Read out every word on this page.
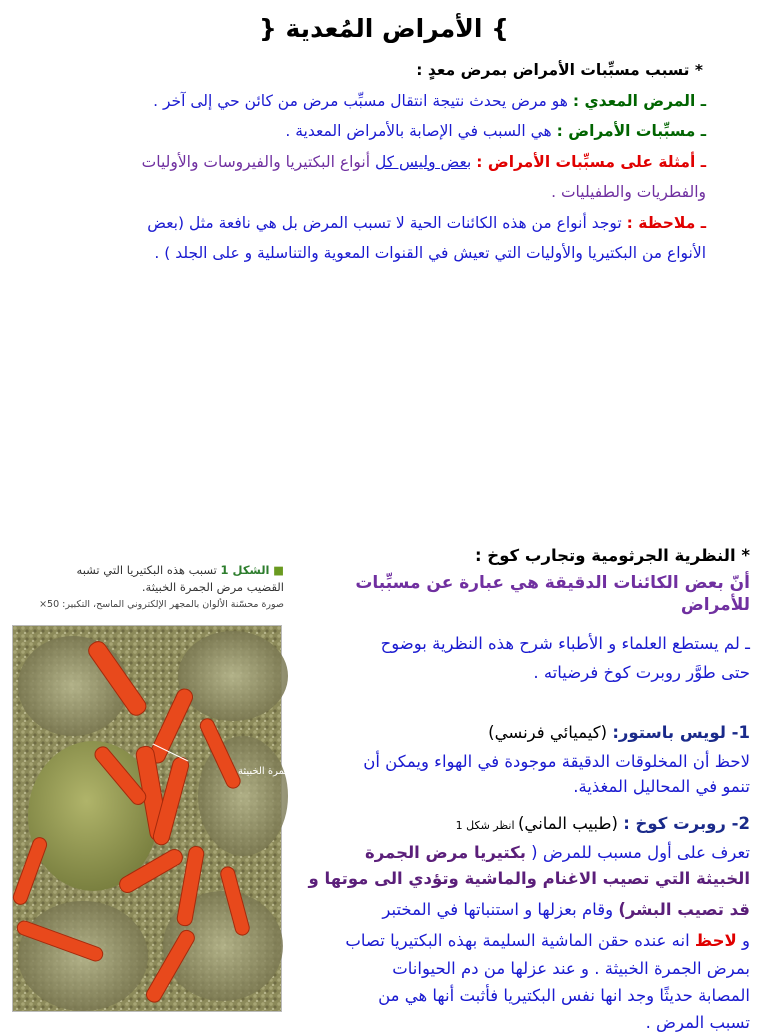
} الأمراض المُعدية {
* تسبب مسبِّبات الأمراض بمرض معدٍ :
ـ المرض المعدي : هو مرض يحدث نتيجة انتقال مسبِّب مرض من كائن حي إلى آخر .
ـ مسبِّبات الأمراض : هي السبب في الإصابة بالأمراض المعدية .
ـ أمثلة على مسبِّبات الأمراض : بعض وليس كل أنواع البكتيريا والفيروسات والأوليات
والفطريات والطفيليات .
ـ ملاحظة : توجد أنواع من هذه الكائنات الحية لا تسبب المرض بل هي نافعة مثل (بعض
الأنواع من البكتيريا والأوليات التي تعيش في القنوات المعوية والتناسلية و على الجلد ) .
* النظرية الجرثومية وتجارب كوخ :
أنّ بعض الكائنات الدقيقة هي عبارة عن مسبِّبات للأمراض
ـ لم يستطع العلماء و الأطباء شرح هذه النظرية بوضوح
حتى طوَّر روبرت كوخ فرضياته .
1- لويس باستور: (كيميائي فرنسي)
لاحظ أن المخلوقات الدقيقة موجودة في الهواء ويمكن أن
تنمو في المحاليل المغذية.
2- روبرت كوخ : (طبيب الماني) انظر شكل 1
تعرف على أول مسبب للمرض ( بكتيريا مرض الجمرة
الخبيثة التي تصيب الاغنام والماشية وتؤدي الى موتها و
قد تصيب البشر) وقام بعزلها و استنباتها في المختبر
و لاحظ انه عنده حقن الماشية السليمة بهذه البكتيريا تصاب
بمرض الجمرة الخبيثة . و عند عزلها من دم الحيوانات
المصابة حديثًا وجد انها نفس البكتيريا فأثبت أنها هي من
تسبب المرض .
■ الشكل 1 تسبب هذه البكتيريا التي تشبه
القضيب مرض الجمرة الخبيثة.
صورة محسّنة الألوان بالمجهر الإلكتروني الماسح، التكبير: 50×
الجمرة الخبيثة
